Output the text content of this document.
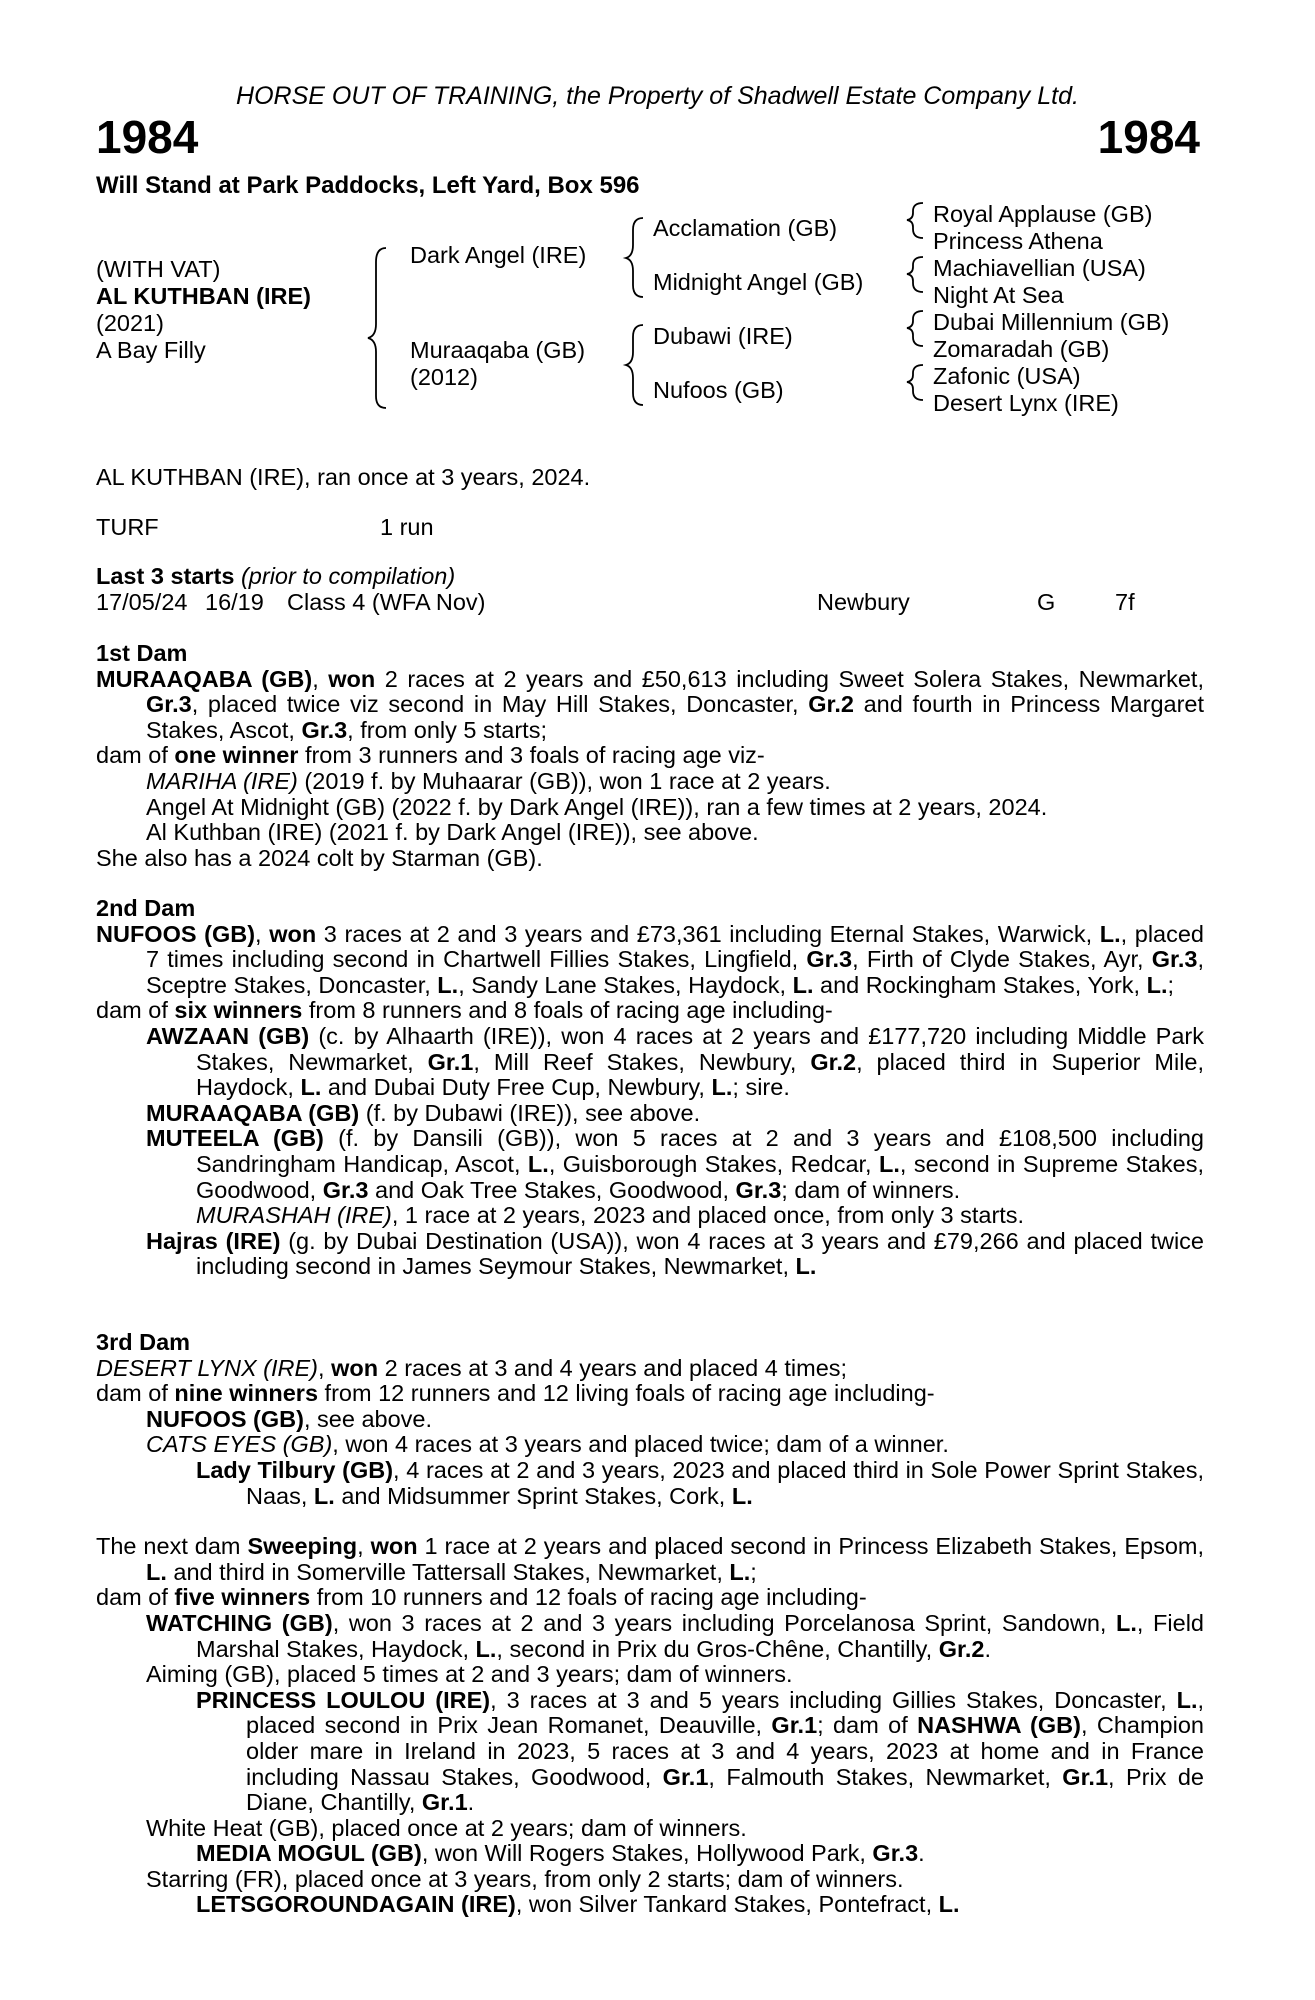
HORSE OUT OF TRAINING, the Property of Shadwell Estate Company Ltd.
1984	1984
Will Stand at Park Paddocks, Left Yard, Box 596
(WITH VAT)
AL KUTHBAN (IRE)
(2021)
A Bay Filly
Dark Angel (IRE)
Muraaqaba (GB)
(2012)
Acclamation (GB)
Midnight Angel (GB)
Dubawi (IRE)
Nufoos (GB)
Royal Applause (GB)
Princess Athena
Machiavellian (USA)
Night At Sea
Dubai Millennium (GB)
Zomaradah (GB)
Zafonic (USA)
Desert Lynx (IRE)
AL KUTHBAN (IRE), ran once at 3 years, 2024.
TURF	1 run
Last 3 starts (prior to compilation)
17/05/24 16/19 Class 4 (WFA Nov)	Newbury	G	7f

1st Dam

MURAAQABA (GB), won 2 races at 2 years and £50,613 including Sweet Solera Stakes, Newmarket, Gr.3, placed twice viz second in May Hill Stakes, Doncaster, Gr.2 and fourth in Princess Margaret Stakes, Ascot, Gr.3, from only 5 starts;

dam of one winner from 3 runners and 3 foals of racing age viz-

MARIHA (IRE) (2019 f. by Muhaarar (GB)), won 1 race at 2 years.

Angel At Midnight (GB) (2022 f. by Dark Angel (IRE)), ran a few times at 2 years, 2024.

Al Kuthban (IRE) (2021 f. by Dark Angel (IRE)), see above.

She also has a 2024 colt by Starman (GB).

2nd Dam

NUFOOS (GB), won 3 races at 2 and 3 years and £73,361 including Eternal Stakes, Warwick, L., placed 7 times including second in Chartwell Fillies Stakes, Lingfield, Gr.3, Firth of Clyde Stakes, Ayr, Gr.3, Sceptre Stakes, Doncaster, L., Sandy Lane Stakes, Haydock, L. and Rockingham Stakes, York, L.;

dam of six winners from 8 runners and 8 foals of racing age including-

AWZAAN (GB) (c. by Alhaarth (IRE)), won 4 races at 2 years and £177,720 including Middle Park Stakes, Newmarket, Gr.1, Mill Reef Stakes, Newbury, Gr.2, placed third in Superior Mile, Haydock, L. and Dubai Duty Free Cup, Newbury, L.; sire.

MURAAQABA (GB) (f. by Dubawi (IRE)), see above.

MUTEELA (GB) (f. by Dansili (GB)), won 5 races at 2 and 3 years and £108,500 including Sandringham Handicap, Ascot, L., Guisborough Stakes, Redcar, L., second in Supreme Stakes, Goodwood, Gr.3 and Oak Tree Stakes, Goodwood, Gr.3; dam of winners.

MURASHAH (IRE), 1 race at 2 years, 2023 and placed once, from only 3 starts.

Hajras (IRE) (g. by Dubai Destination (USA)), won 4 races at 3 years and £79,266 and placed twice including second in James Seymour Stakes, Newmarket, L.

3rd Dam

DESERT LYNX (IRE), won 2 races at 3 and 4 years and placed 4 times;

dam of nine winners from 12 runners and 12 living foals of racing age including-

NUFOOS (GB), see above.

CATS EYES (GB), won 4 races at 3 years and placed twice; dam of a winner.

Lady Tilbury (GB), 4 races at 2 and 3 years, 2023 and placed third in Sole Power Sprint Stakes, Naas, L. and Midsummer Sprint Stakes, Cork, L.

The next dam Sweeping, won 1 race at 2 years and placed second in Princess Elizabeth Stakes, Epsom, L. and third in Somerville Tattersall Stakes, Newmarket, L.;

dam of five winners from 10 runners and 12 foals of racing age including-

WATCHING (GB), won 3 races at 2 and 3 years including Porcelanosa Sprint, Sandown, L., Field Marshal Stakes, Haydock, L., second in Prix du Gros-Chêne, Chantilly, Gr.2.

Aiming (GB), placed 5 times at 2 and 3 years; dam of winners.

PRINCESS LOULOU (IRE), 3 races at 3 and 5 years including Gillies Stakes, Doncaster, L., placed second in Prix Jean Romanet, Deauville, Gr.1; dam of NASHWA (GB), Champion older mare in Ireland in 2023, 5 races at 3 and 4 years, 2023 at home and in France including Nassau Stakes, Goodwood, Gr.1, Falmouth Stakes, Newmarket, Gr.1, Prix de Diane, Chantilly, Gr.1.

White Heat (GB), placed once at 2 years; dam of winners.

MEDIA MOGUL (GB), won Will Rogers Stakes, Hollywood Park, Gr.3.

Starring (FR), placed once at 3 years, from only 2 starts; dam of winners.

LETSGOROUNDAGAIN (IRE), won Silver Tankard Stakes, Pontefract, L.
